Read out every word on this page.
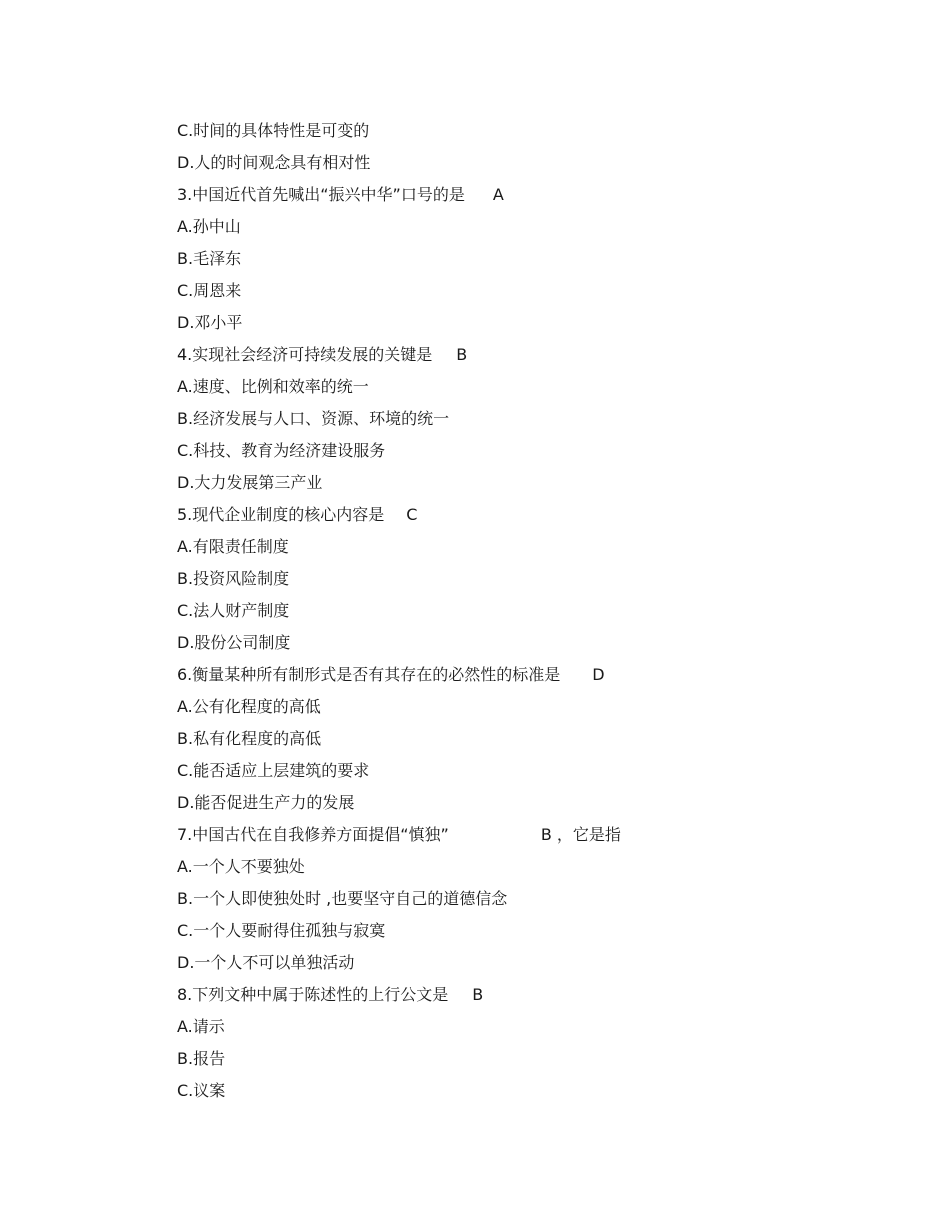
C.时间的具体特性是可变的
D.人的时间观念具有相对性
3.中国近代首先喊出“振兴中华”口号的是 A
A.孙中山
B.毛泽东
C.周恩来
D.邓小平
4.实现社会经济可持续发展的关键是 B
A.速度、比例和效率的统一
B.经济发展与人口、资源、环境的统一
C.科技、教育为经济建设服务
D.大力发展第三产业
5.现代企业制度的核心内容是 C
A.有限责任制度
B.投资风险制度
C.法人财产制度
D.股份公司制度
6.衡量某种所有制形式是否有其存在的必然性的标准是 D
A.公有化程度的高低
B.私有化程度的高低
C.能否适应上层建筑的要求
D.能否促进生产力的发展
7.中国古代在自我修养方面提倡“慎独”	B ，它是指
A.一个人不要独处
B.一个人即使独处时 ,也要坚守自己的道德信念
C.一个人要耐得住孤独与寂寞
D.一个人不可以单独活动
8.下列文种中属于陈述性的上行公文是 B
A.请示
B.报告
C.议案
